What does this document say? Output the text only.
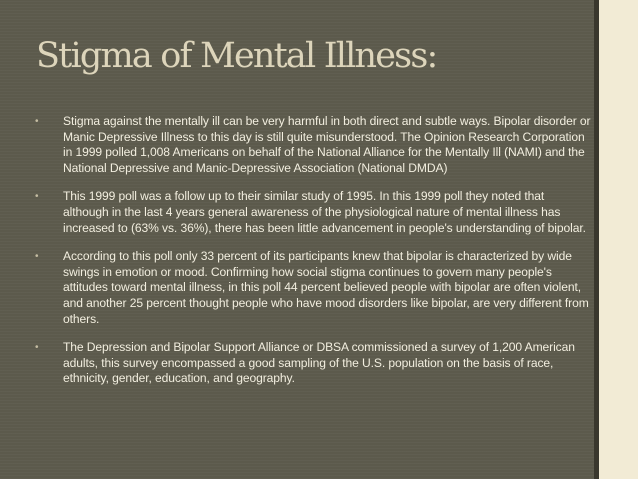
Stigma of Mental Illness:
• Stigma against the mentally ill can be very harmful in both direct and subtle ways. Bipolar disorder or Manic Depressive Illness to this day is still quite misunderstood. The Opinion Research Corporation in 1999 polled 1,008 Americans on behalf of the National Alliance for the Mentally Ill (NAMI) and the National Depressive and Manic-Depressive Association (National DMDA)
• This 1999 poll was a follow up to their similar study of 1995. In this 1999 poll they noted that although in the last 4 years general awareness of the physiological nature of mental illness has increased to (63% vs. 36%), there has been little advancement in people's understanding of bipolar.
• According to this poll only 33 percent of its participants knew that bipolar is characterized by wide swings in emotion or mood. Confirming how social stigma continues to govern many people's attitudes toward mental illness, in this poll 44 percent believed people with bipolar are often violent, and another 25 percent thought people who have mood disorders like bipolar, are very different from others.
• The Depression and Bipolar Support Alliance or DBSA commissioned a survey of 1,200 American adults, this survey encompassed a good sampling of the U.S. population on the basis of race, ethnicity, gender, education, and geography.
